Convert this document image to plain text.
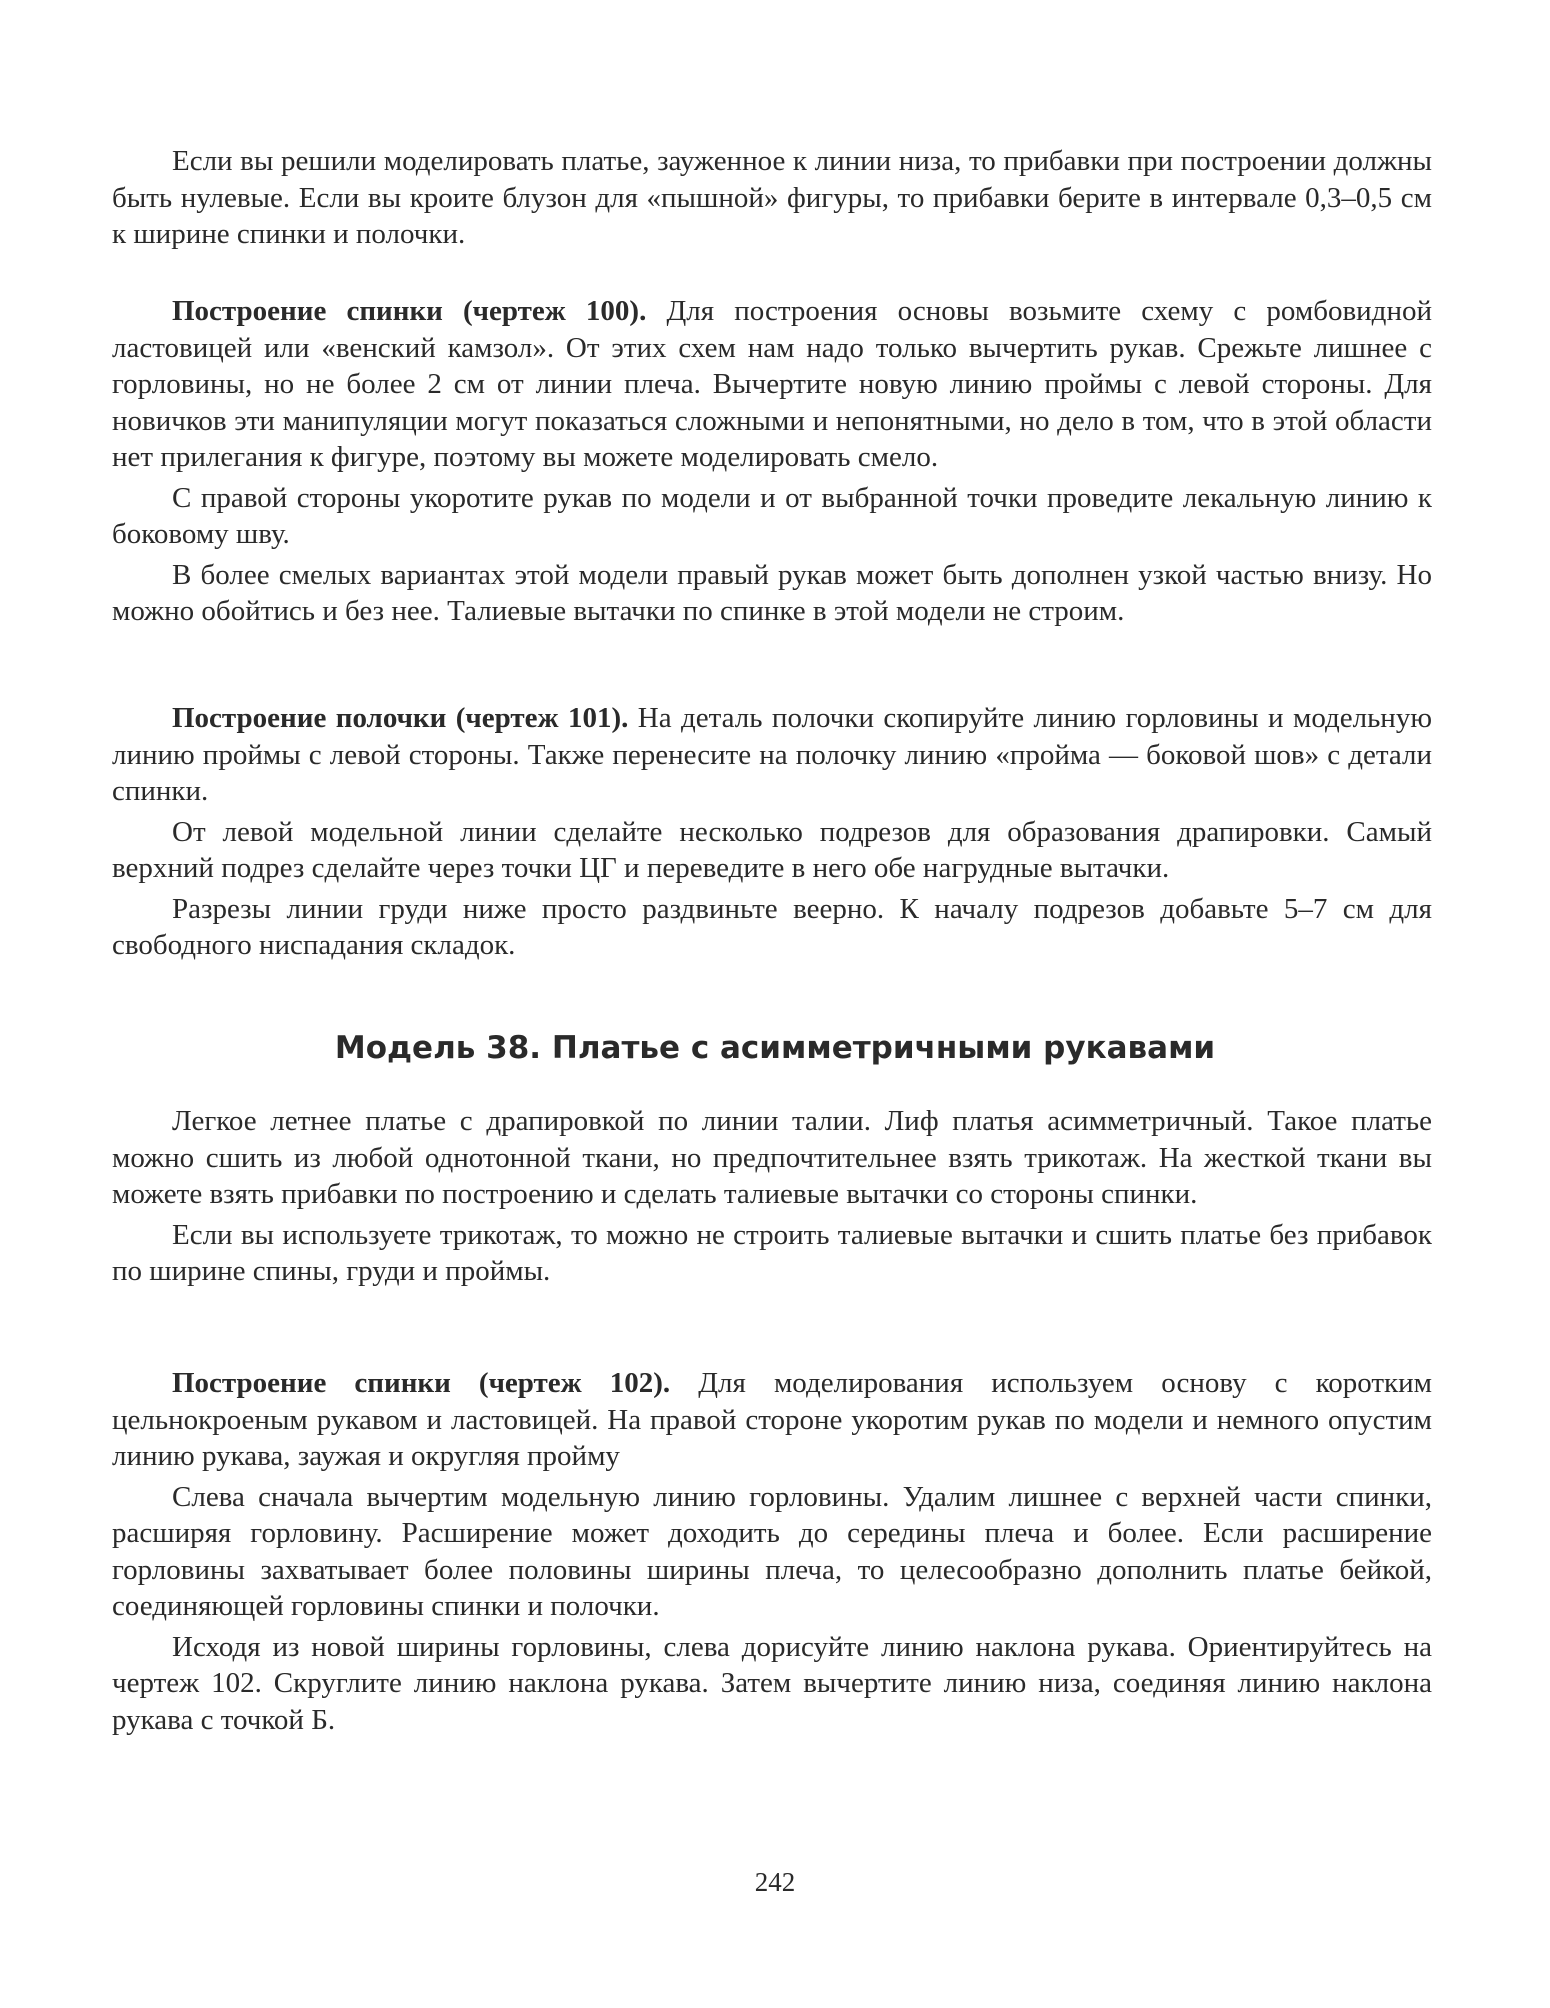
Если вы решили моделировать платье, зауженное к линии низа, то прибавки при построении должны быть нулевые. Если вы кроите блузон для «пышной» фигуры, то прибавки берите в интервале 0,3–0,5 см к ширине спинки и полочки.

Построение спинки (чертеж 100). Для построения основы возьмите схему с ромбовидной ластовицей или «венский камзол». От этих схем нам надо только вычертить рукав. Срежьте лишнее с горловины, но не более 2 см от линии плеча. Вычертите новую линию проймы с левой стороны. Для новичков эти манипуляции могут показаться сложными и непонятными, но дело в том, что в этой области нет прилегания к фигуре, поэтому вы можете моделировать смело.

С правой стороны укоротите рукав по модели и от выбранной точки проведите лекальную линию к боковому шву.

В более смелых вариантах этой модели правый рукав может быть дополнен узкой частью внизу. Но можно обойтись и без нее. Талиевые вытачки по спинке в этой модели не строим.

Построение полочки (чертеж 101). На деталь полочки скопируйте линию горловины и модельную линию проймы с левой стороны. Также перенесите на полочку линию «пройма — боковой шов» с детали спинки.

От левой модельной линии сделайте несколько подрезов для образования драпировки. Самый верхний подрез сделайте через точки ЦГ и переведите в него обе нагрудные вытачки.

Разрезы линии груди ниже просто раздвиньте веерно. К началу подрезов добавьте 5–7 см для свободного ниспадания складок.

Модель 38. Платье с асимметричными рукавами

Легкое летнее платье с драпировкой по линии талии. Лиф платья асимметричный. Такое платье можно сшить из любой однотонной ткани, но предпочтительнее взять трикотаж. На жесткой ткани вы можете взять прибавки по построению и сделать талиевые вытачки со стороны спинки.

Если вы используете трикотаж, то можно не строить талиевые вытачки и сшить платье без прибавок по ширине спины, груди и проймы.

Построение спинки (чертеж 102). Для моделирования используем основу с коротким цельнокроеным рукавом и ластовицей. На правой стороне укоротим рукав по модели и немного опустим линию рукава, заужая и округляя пройму

Слева сначала вычертим модельную линию горловины. Удалим лишнее с верхней части спинки, расширяя горловину. Расширение может доходить до середины плеча и более. Если расширение горловины захватывает более половины ширины плеча, то целесообразно дополнить платье бейкой, соединяющей горловины спинки и полочки.

Исходя из новой ширины горловины, слева дорисуйте линию наклона рукава. Ориентируйтесь на чертеж 102. Скруглите линию наклона рукава. Затем вычертите линию низа, соединяя линию наклона рукава с точкой Б.

242
